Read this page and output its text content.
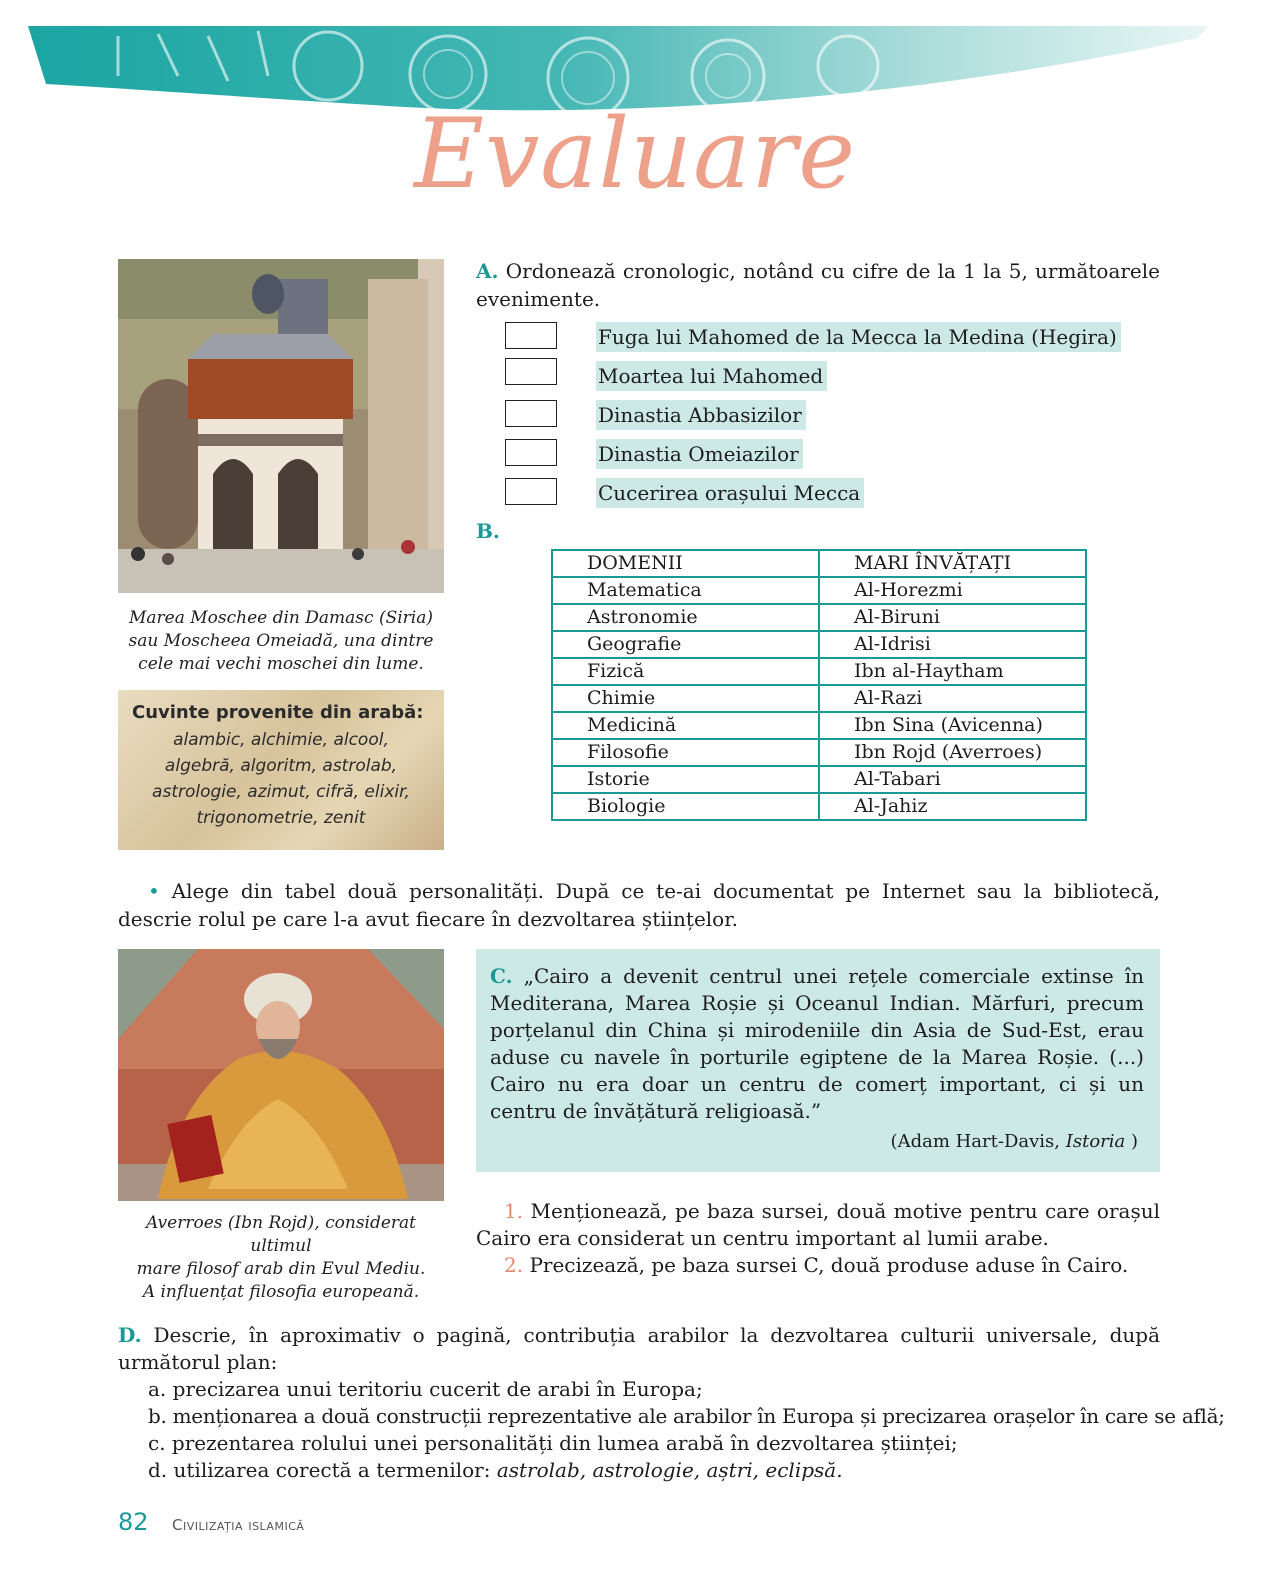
Evaluare
Marea Moschee din Damasc (Siria) sau Moscheea Omeiadă, una dintre cele mai vechi moschei din lume.
Cuvinte provenite din arabă:
alambic, alchimie, alcool,
algebră, algoritm, astrolab,
astrologie, azimut, cifră, elixir,
trigonometrie, zenit
A. Ordonează cronologic, notând cu cifre de la 1 la 5, următoarele evenimente.
Fuga lui Mahomed de la Mecca la Medina (Hegira)
Moartea lui Mahomed
Dinastia Abbasizilor
Dinastia Omeiazilor
Cucerirea orașului Mecca
B.
DOMENII	MARI ÎNVĂȚAȚI
Matematica	Al-Horezmi
Astronomie	Al-Biruni
Geografie	Al-Idrisi
Fizică	Ibn al-Haytham
Chimie	Al-Razi
Medicină	Ibn Sina (Avicenna)
Filosofie	Ibn Rojd (Averroes)
Istorie	Al-Tabari
Biologie	Al-Jahiz
• Alege din tabel două personalități. După ce te-ai documentat pe Internet sau la bibliotecă, descrie rolul pe care l-a avut fiecare în dezvoltarea științelor.
Averroes (Ibn Rojd), considerat ultimul
mare filosof arab din Evul Mediu.
A influențat filosofia europeană.
C. „Cairo a devenit centrul unei rețele comerciale extinse în Mediterana, Marea Roșie și Oceanul Indian. Mărfuri, precum porțelanul din China și mirodeniile din Asia de Sud-Est, erau aduse cu navele în porturile egiptene de la Marea Roșie. (...) Cairo nu era doar un centru de comerț important, ci și un centru de învățătură religioasă.”
(Adam Hart-Davis, Istoria )
1. Menționează, pe baza sursei, două motive pentru care orașul Cairo era considerat un centru important al lumii arabe.
2. Precizează, pe baza sursei C, două produse aduse în Cairo.
D. Descrie, în aproximativ o pagină, contribuția arabilor la dezvoltarea culturii universale, după următorul plan:
a. precizarea unui teritoriu cucerit de arabi în Europa;
b. menționarea a două construcții reprezentative ale arabilor în Europa și precizarea orașelor în care se află;
c. prezentarea rolului unei personalități din lumea arabă în dezvoltarea științei;
d. utilizarea corectă a termenilor: astrolab, astrologie, aștri, eclipsă.
82 Civilizația islamică
